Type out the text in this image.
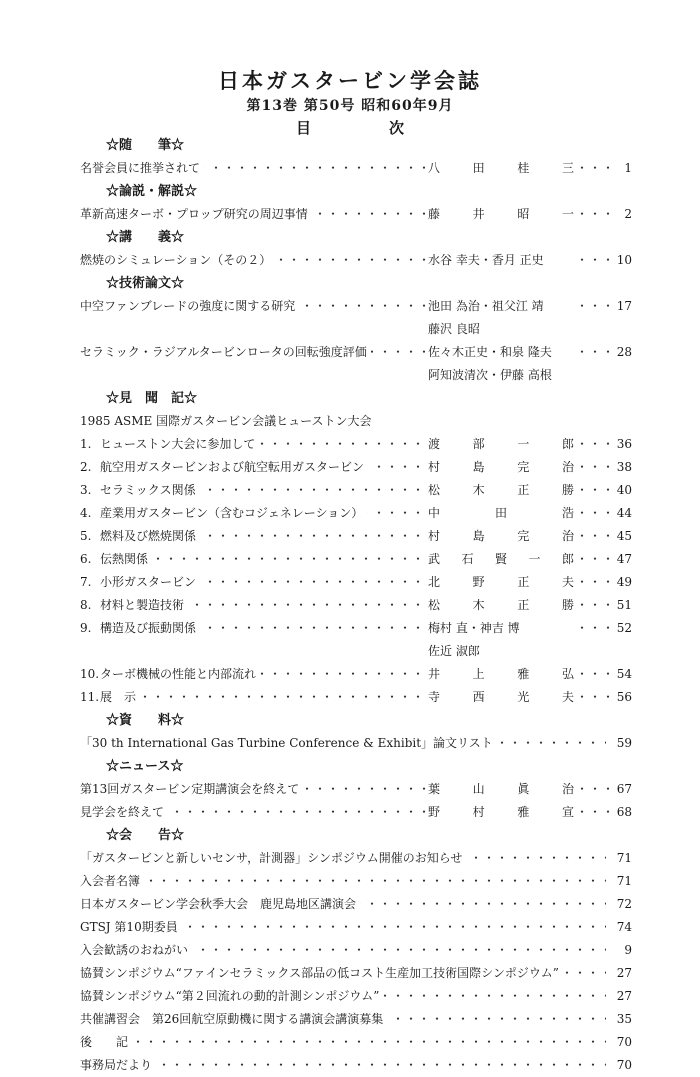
日本ガスタービン学会誌
第13巻 第50号 昭和60年9月
目	次
☆随　　筆☆
名誉会員に推挙されて ・・・・・・・・・・・・・・・・・・・・・・・・・・・・・・・・・・・・・・・・・・・・・・・・・・・・・・・・・・・・・・・・・・・・・・・・・・・・	八	田	桂	三 ・・・・・・・・	1
☆論説・解説☆
革新高速ターボ・プロップ研究の周辺事情 ・・・・・・・・・・・・・・・・・・・・・・・・・・・・・・・・・・・・・・・・・・・・・・・・・・・・・・・・・・・・・・・・・・・・・・・・・・・・	藤	井	昭	一 ・・・・・・・・	2
☆講　　義☆
燃焼のシミュレーション（その２） ・・・・・・・・・・・・・・・・・・・・・・・・・・・・・・・・・・・・・・・・・・・・・・・・・・・・・・・・・・・・・・・・・・・・・・・・・・・・	水谷 幸夫・香月 正史 ・・・・・・・・	10
☆技術論文☆
中空ファンブレードの強度に関する研究 ・・・・・・・・・・・・・・・・・・・・・・・・・・・・・・・・・・・・・・・・・・・・・・・・・・・・・・・・・・・・・・・・・・・・・・・・・・・・	池田 為治・祖父江 靖 ・・・・・・・・	17
藤沢 良昭
セラミック・ラジアルタービンロータの回転強度評価 ・・・・・・・・・・・・・・・・・・・・・・・・・・・・・・・・・・・・・・・・・・・・・・・・・・・・・・・・・・・・・・・・・・・・・・・・・・・・	佐々木正史・和泉 隆夫 ・・・・・・・・	28
阿知波清次・伊藤 高根
☆見　聞　記☆
1985 ASME 国際ガスタービン会議ヒューストン大会
1. ヒューストン大会に参加して ・・・・・・・・・・・・・・・・・・・・・・・・・・・・・・・・・・・・・・・・・・・・・・・・・・・・・・・・・・・・・・・・・・・・・・・・・・・・	渡	部	一	郎 ・・・・・・・・	36
2. 航空用ガスタービンおよび航空転用ガスタービン ・・・・・・・・・・・・・・・・・・・・・・・・・・・・・・・・・・・・・・・・・・・・・・・・・・・・・・・・・・・・・・・・・・・・・・・・・・・・	村	島	完	治 ・・・・・・・・	38
3. セラミックス関係 ・・・・・・・・・・・・・・・・・・・・・・・・・・・・・・・・・・・・・・・・・・・・・・・・・・・・・・・・・・・・・・・・・・・・・・・・・・・・	松	木	正	勝 ・・・・・・・・	40
4. 産業用ガスタービン（含むコジェネレーション） ・・・・・・・・・・・・・・・・・・・・・・・・・・・・・・・・・・・・・・・・・・・・・・・・・・・・・・・・・・・・・・・・・・・・・・・・・・・・	中	田	浩 ・・・・・・・・	44
5. 燃料及び燃焼関係 ・・・・・・・・・・・・・・・・・・・・・・・・・・・・・・・・・・・・・・・・・・・・・・・・・・・・・・・・・・・・・・・・・・・・・・・・・・・・	村	島	完	治 ・・・・・・・・	45
6. 伝熱関係 ・・・・・・・・・・・・・・・・・・・・・・・・・・・・・・・・・・・・・・・・・・・・・・・・・・・・・・・・・・・・・・・・・・・・・・・・・・・・	武 石 賢 一 郎 ・・・・・・・・	47
7. 小形ガスタービン ・・・・・・・・・・・・・・・・・・・・・・・・・・・・・・・・・・・・・・・・・・・・・・・・・・・・・・・・・・・・・・・・・・・・・・・・・・・・	北	野	正	夫 ・・・・・・・・	49
8. 材料と製造技術 ・・・・・・・・・・・・・・・・・・・・・・・・・・・・・・・・・・・・・・・・・・・・・・・・・・・・・・・・・・・・・・・・・・・・・・・・・・・・	松	木	正	勝 ・・・・・・・・	51
9. 構造及び振動関係 ・・・・・・・・・・・・・・・・・・・・・・・・・・・・・・・・・・・・・・・・・・・・・・・・・・・・・・・・・・・・・・・・・・・・・・・・・・・・	梅村 直・神吉 博 ・・・・・・・・	52
佐近 淑郎
10. ターボ機械の性能と内部流れ ・・・・・・・・・・・・・・・・・・・・・・・・・・・・・・・・・・・・・・・・・・・・・・・・・・・・・・・・・・・・・・・・・・・・・・・・・・・・	井	上	雅	弘 ・・・・・・・・	54
11. 展　示 ・・・・・・・・・・・・・・・・・・・・・・・・・・・・・・・・・・・・・・・・・・・・・・・・・・・・・・・・・・・・・・・・・・・・・・・・・・・・	寺	西	光	夫 ・・・・・・・・	56
☆資　　料☆
「30 th International Gas Turbine Conference & Exhibit」論文リスト ・・・・・・・・・・・・・・・・・・・・・・・・・・・・・・・・・・・・・・・・・・・・・・・・・・・・・・・・・・・・・・・・・・・・・・・・・・・・	59
☆ニュース☆
第13回ガスタービン定期講演会を終えて ・・・・・・・・・・・・・・・・・・・・・・・・・・・・・・・・・・・・・・・・・・・・・・・・・・・・・・・・・・・・・・・・・・・・・・・・・・・・	葉	山	眞	治 ・・・・・・・・	67
見学会を終えて ・・・・・・・・・・・・・・・・・・・・・・・・・・・・・・・・・・・・・・・・・・・・・・・・・・・・・・・・・・・・・・・・・・・・・・・・・・・・	野	村	雅	宣 ・・・・・・・・	68
☆会　　告☆
「ガスタービンと新しいセンサ，計測器」シンポジウム開催のお知らせ ・・・・・・・・・・・・・・・・・・・・・・・・・・・・・・・・・・・・・・・・・・・・・・・・・・・・・・・・・・・・・・・・・・・・・・・・・・・・	71
入会者名簿 ・・・・・・・・・・・・・・・・・・・・・・・・・・・・・・・・・・・・・・・・・・・・・・・・・・・・・・・・・・・・・・・・・・・・・・・・・・・・	71
日本ガスタービン学会秋季大会　鹿児島地区講演会 ・・・・・・・・・・・・・・・・・・・・・・・・・・・・・・・・・・・・・・・・・・・・・・・・・・・・・・・・・・・・・・・・・・・・・・・・・・・・	72
GTSJ 第10期委員 ・・・・・・・・・・・・・・・・・・・・・・・・・・・・・・・・・・・・・・・・・・・・・・・・・・・・・・・・・・・・・・・・・・・・・・・・・・・・	74
入会歓誘のおねがい ・・・・・・・・・・・・・・・・・・・・・・・・・・・・・・・・・・・・・・・・・・・・・・・・・・・・・・・・・・・・・・・・・・・・・・・・・・・・	9
協賛シンポジウム“ファインセラミックス部品の低コスト生産加工技術国際シンポジウム” ・・・・・・・・・・・・・・・・・・・・・・・・・・・・・・・・・・・・・・・・・・・・・・・・・・・・・・・・・・・・・・・・・・・・・・・・・・・・	27
協賛シンポジウム“第２回流れの動的計測シンポジウム” ・・・・・・・・・・・・・・・・・・・・・・・・・・・・・・・・・・・・・・・・・・・・・・・・・・・・・・・・・・・・・・・・・・・・・・・・・・・・	27
共催講習会　第26回航空原動機に関する講演会講演募集 ・・・・・・・・・・・・・・・・・・・・・・・・・・・・・・・・・・・・・・・・・・・・・・・・・・・・・・・・・・・・・・・・・・・・・・・・・・・・	35
後　　記 ・・・・・・・・・・・・・・・・・・・・・・・・・・・・・・・・・・・・・・・・・・・・・・・・・・・・・・・・・・・・・・・・・・・・・・・・・・・・	70
事務局だより ・・・・・・・・・・・・・・・・・・・・・・・・・・・・・・・・・・・・・・・・・・・・・・・・・・・・・・・・・・・・・・・・・・・・・・・・・・・・	70
